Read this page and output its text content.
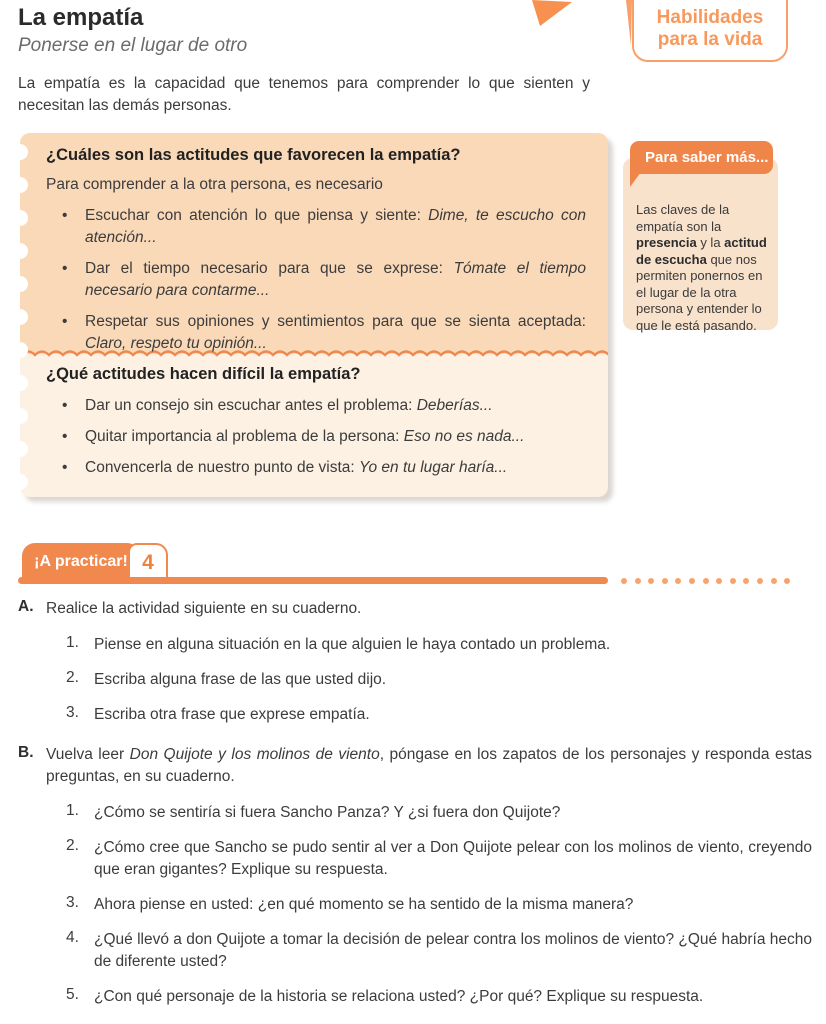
La empatía
Ponerse en el lugar de otro
Habilidades
para la vida

La empatía es la capacidad que tenemos para comprender lo que sienten y necesitan las demás personas.

¿Cuáles son las actitudes que favorecen la empatía?
Para comprender a la otra persona, es necesario
• Escuchar con atención lo que piensa y siente: Dime, te escucho con atención...
• Dar el tiempo necesario para que se exprese: Tómate el tiempo necesario para contarme...
• Respetar sus opiniones y sentimientos para que se sienta aceptada: Claro, respeto tu opinión...
¿Qué actitudes hacen difícil la empatía?
• Dar un consejo sin escuchar antes el problema: Deberías...
• Quitar importancia al problema de la persona: Eso no es nada...
• Convencerla de nuestro punto de vista: Yo en tu lugar haría...

Las claves de la empatía son la presencia y la actitud de escucha que nos permiten ponernos en el lugar de la otra persona y entender lo que le está pasando.

Para saber más...
¡A practicar! 4
A. Realice la actividad siguiente en su cuaderno.
1. Piense en alguna situación en la que alguien le haya contado un problema.
2. Escriba alguna frase de las que usted dijo.
3. Escriba otra frase que exprese empatía.
B. Vuelva leer Don Quijote y los molinos de viento, póngase en los zapatos de los personajes y responda estas preguntas, en su cuaderno.
1. ¿Cómo se sentiría si fuera Sancho Panza? Y ¿si fuera don Quijote?
2. ¿Cómo cree que Sancho se pudo sentir al ver a Don Quijote pelear con los molinos de viento, creyendo que eran gigantes? Explique su respuesta.
3. Ahora piense en usted: ¿en qué momento se ha sentido de la misma manera?
4. ¿Qué llevó a don Quijote a tomar la decisión de pelear contra los molinos de viento? ¿Qué habría hecho de diferente usted?
5. ¿Con qué personaje de la historia se relaciona usted? ¿Por qué? Explique su respuesta.
